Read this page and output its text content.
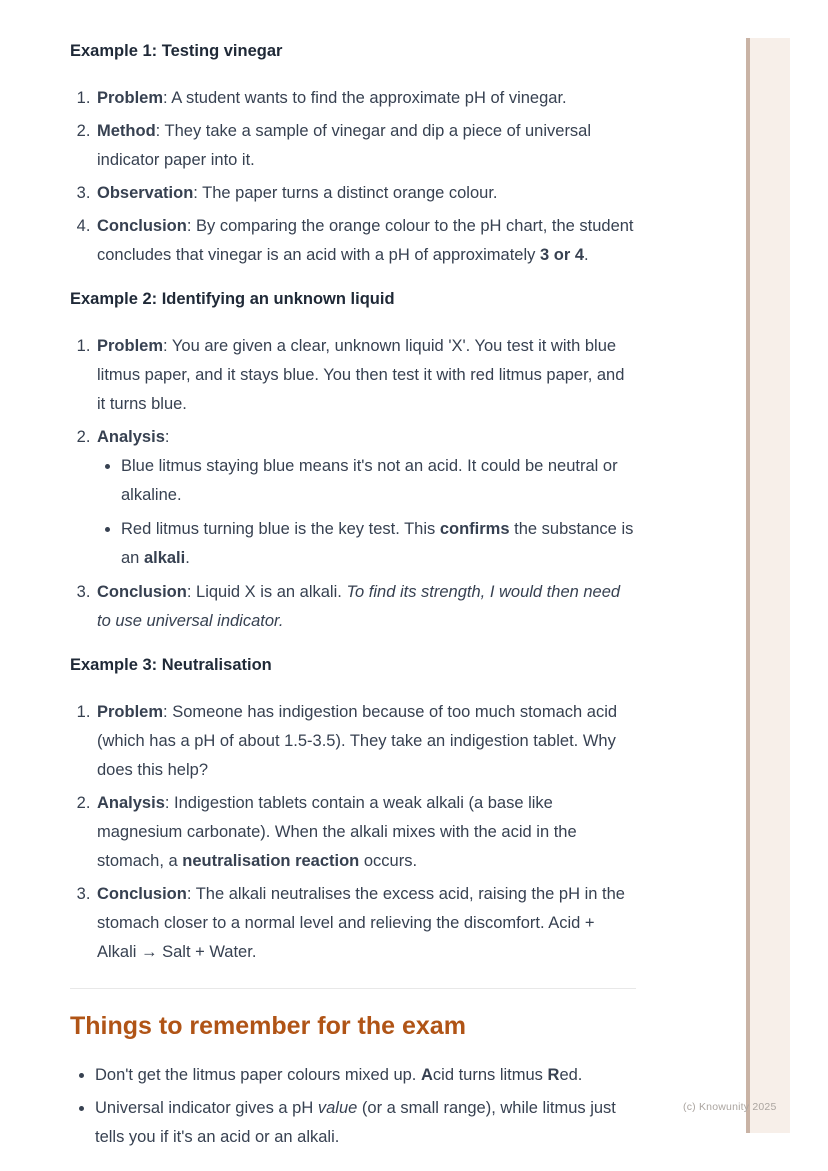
Example 1: Testing vinegar
1. Problem: A student wants to find the approximate pH of vinegar.
2. Method: They take a sample of vinegar and dip a piece of universal indicator paper into it.
3. Observation: The paper turns a distinct orange colour.
4. Conclusion: By comparing the orange colour to the pH chart, the student concludes that vinegar is an acid with a pH of approximately 3 or 4.
Example 2: Identifying an unknown liquid
1. Problem: You are given a clear, unknown liquid 'X'. You test it with blue litmus paper, and it stays blue. You then test it with red litmus paper, and it turns blue.
2. Analysis:
• Blue litmus staying blue means it's not an acid. It could be neutral or alkaline.
• Red litmus turning blue is the key test. This confirms the substance is an alkali.
3. Conclusion: Liquid X is an alkali. To find its strength, I would then need to use universal indicator.
Example 3: Neutralisation
1. Problem: Someone has indigestion because of too much stomach acid (which has a pH of about 1.5-3.5). They take an indigestion tablet. Why does this help?
2. Analysis: Indigestion tablets contain a weak alkali (a base like magnesium carbonate). When the alkali mixes with the acid in the stomach, a neutralisation reaction occurs.
3. Conclusion: The alkali neutralises the excess acid, raising the pH in the stomach closer to a normal level and relieving the discomfort. Acid + Alkali → Salt + Water.
Things to remember for the exam
• Don't get the litmus paper colours mixed up. Acid turns litmus Red.
• Universal indicator gives a pH value (or a small range), while litmus just tells you if it's an acid or an alkali.
(c) Knowunity 2025
